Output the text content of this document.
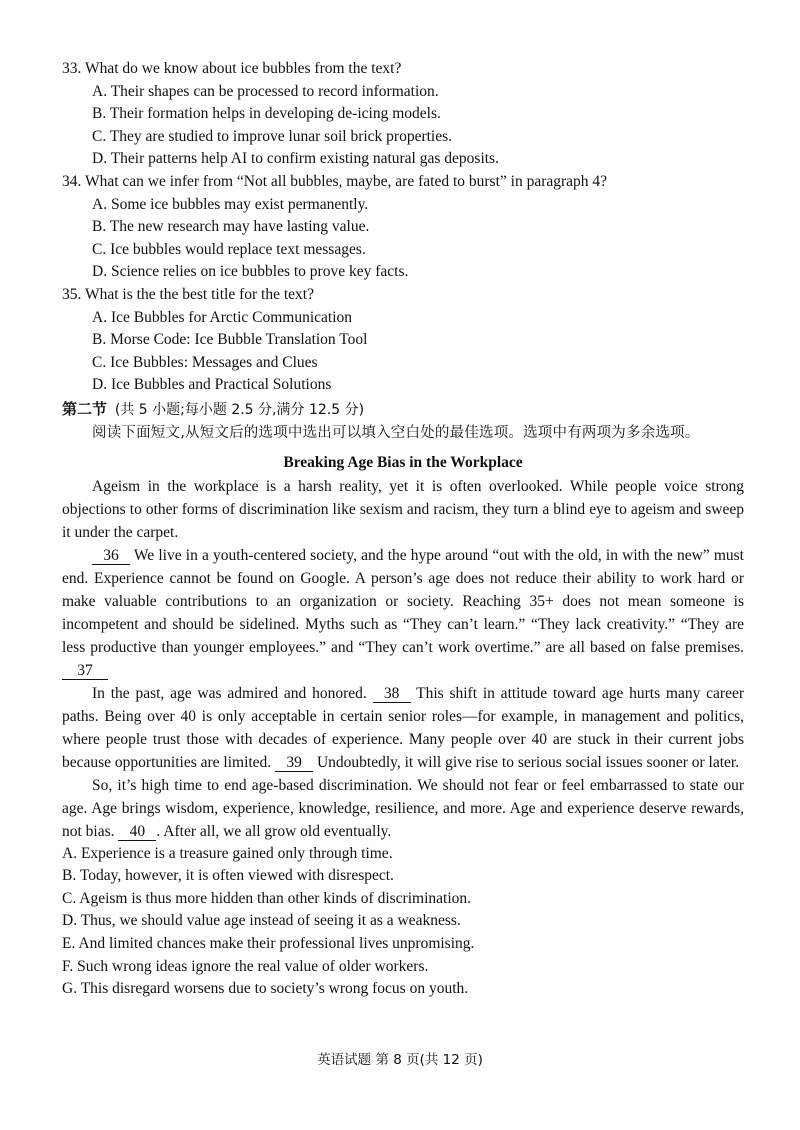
33. What do we know about ice bubbles from the text?
A. Their shapes can be processed to record information.
B. Their formation helps in developing de-icing models.
C. They are studied to improve lunar soil brick properties.
D. Their patterns help AI to confirm existing natural gas deposits.
34. What can we infer from “Not all bubbles, maybe, are fated to burst” in paragraph 4?
A. Some ice bubbles may exist permanently.
B. The new research may have lasting value.
C. Ice bubbles would replace text messages.
D. Science relies on ice bubbles to prove key facts.
35. What is the the best title for the text?
A. Ice Bubbles for Arctic Communication
B. Morse Code: Ice Bubble Translation Tool
C. Ice Bubbles: Messages and Clues
D. Ice Bubbles and Practical Solutions
第二节 (共 5 小题;每小题 2.5 分,满分 12.5 分)
阅读下面短文,从短文后的选项中选出可以填入空白处的最佳选项。选项中有两项为多余选项。
Breaking Age Bias in the Workplace
Ageism in the workplace is a harsh reality, yet it is often overlooked. While people voice strong objections to other forms of discrimination like sexism and racism, they turn a blind eye to ageism and sweep it under the carpet.
36 We live in a youth-centered society, and the hype around “out with the old, in with the new” must end. Experience cannot be found on Google. A person’s age does not reduce their ability to work hard or make valuable contributions to an organization or society. Reaching 35+ does not mean someone is incompetent and should be sidelined. Myths such as “They can’t learn.” “They lack creativity.” “They are less productive than younger employees.” and “They can’t work overtime.” are all based on false premises. 37
In the past, age was admired and honored. 38 This shift in attitude toward age hurts many career paths. Being over 40 is only acceptable in certain senior roles—for example, in management and politics, where people trust those with decades of experience. Many people over 40 are stuck in their current jobs because opportunities are limited. 39 Undoubtedly, it will give rise to serious social issues sooner or later.
So, it’s high time to end age-based discrimination. We should not fear or feel embarrassed to state our age. Age brings wisdom, experience, knowledge, resilience, and more. Age and experience deserve rewards, not bias. 40 . After all, we all grow old eventually.
A. Experience is a treasure gained only through time.
B. Today, however, it is often viewed with disrespect.
C. Ageism is thus more hidden than other kinds of discrimination.
D. Thus, we should value age instead of seeing it as a weakness.
E. And limited chances make their professional lives unpromising.
F. Such wrong ideas ignore the real value of older workers.
G. This disregard worsens due to society’s wrong focus on youth.
英语试题 第 8 页(共 12 页)
